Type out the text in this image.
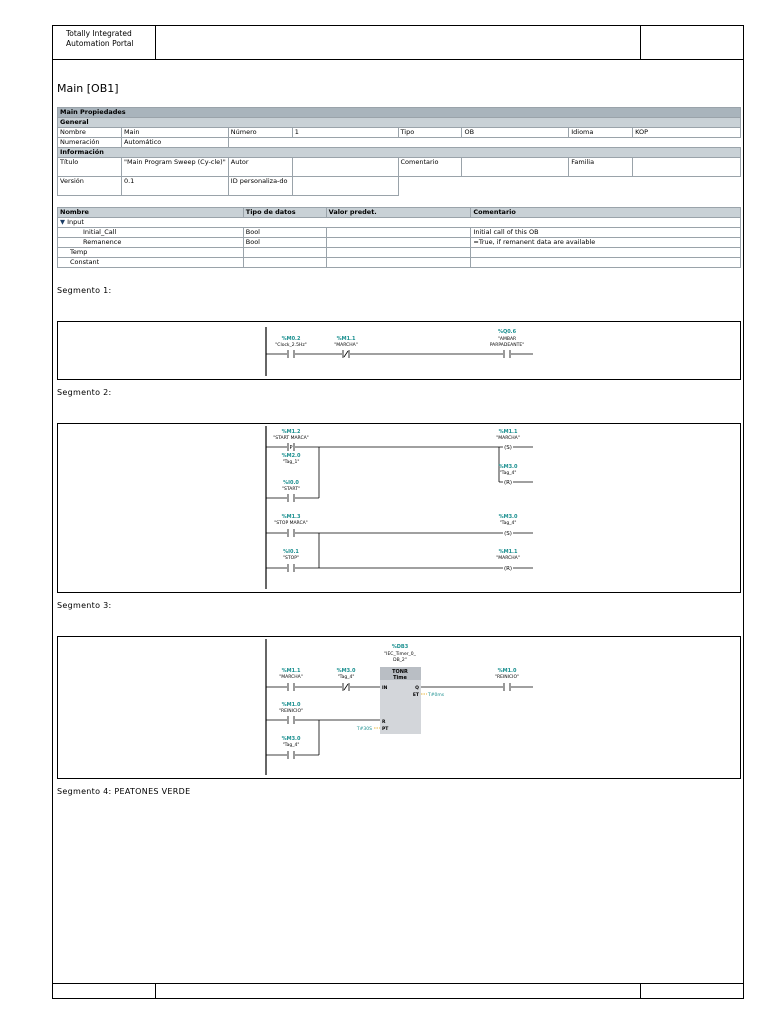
Totally Integrated
Automation Portal
Main [OB1]
Main Propiedades							
General							
Nombre	Main	Número	1	Tipo	OB	Idioma	KOP
Numeración	Automático						
Información							
Título	"Main Program Sweep (Cy-cle)"	Autor		Comentario		Familia	
Versión	0.1	ID personaliza-do					
Nombre	Tipo de datos	Valor predet.	Comentario
▼ Input			
Initial_Call	Bool		Initial call of this OB
Remanence	Bool		=True, if remanent data are available
Temp			
Constant			
Segmento 1:
%M0.2
"Clock_2.5Hz"
%M1.1
"MARCHA"
%Q0.6
"AMBAR
PARPADEANTE"
Segmento 2:
P
%M1.2
"START MARCA"
%M2.0
"Tag_1"
%I0.0
"START"
(S)
%M1.1
"MARCHA"
(R)
%M3.0
"Tag_4"
%M1.3
"STOP MARCA"
%I0.1
"STOP"
(S)
%M3.0
"Tag_4"
(R)
%M1.1
"MARCHA"
Segmento 3:
TONR
Time
%DB3
"IEC_Timer_0_
DB_2"
IN	Q
ET
R
PT
T#0ms
T#30S
%M1.1
"MARCHA"
%M3.0
"Tag_4"
%M1.0
"REINICIO"
%M1.0
"REINICIO"
%M3.0
"Tag_4"
Segmento 4: PEATONES VERDE
